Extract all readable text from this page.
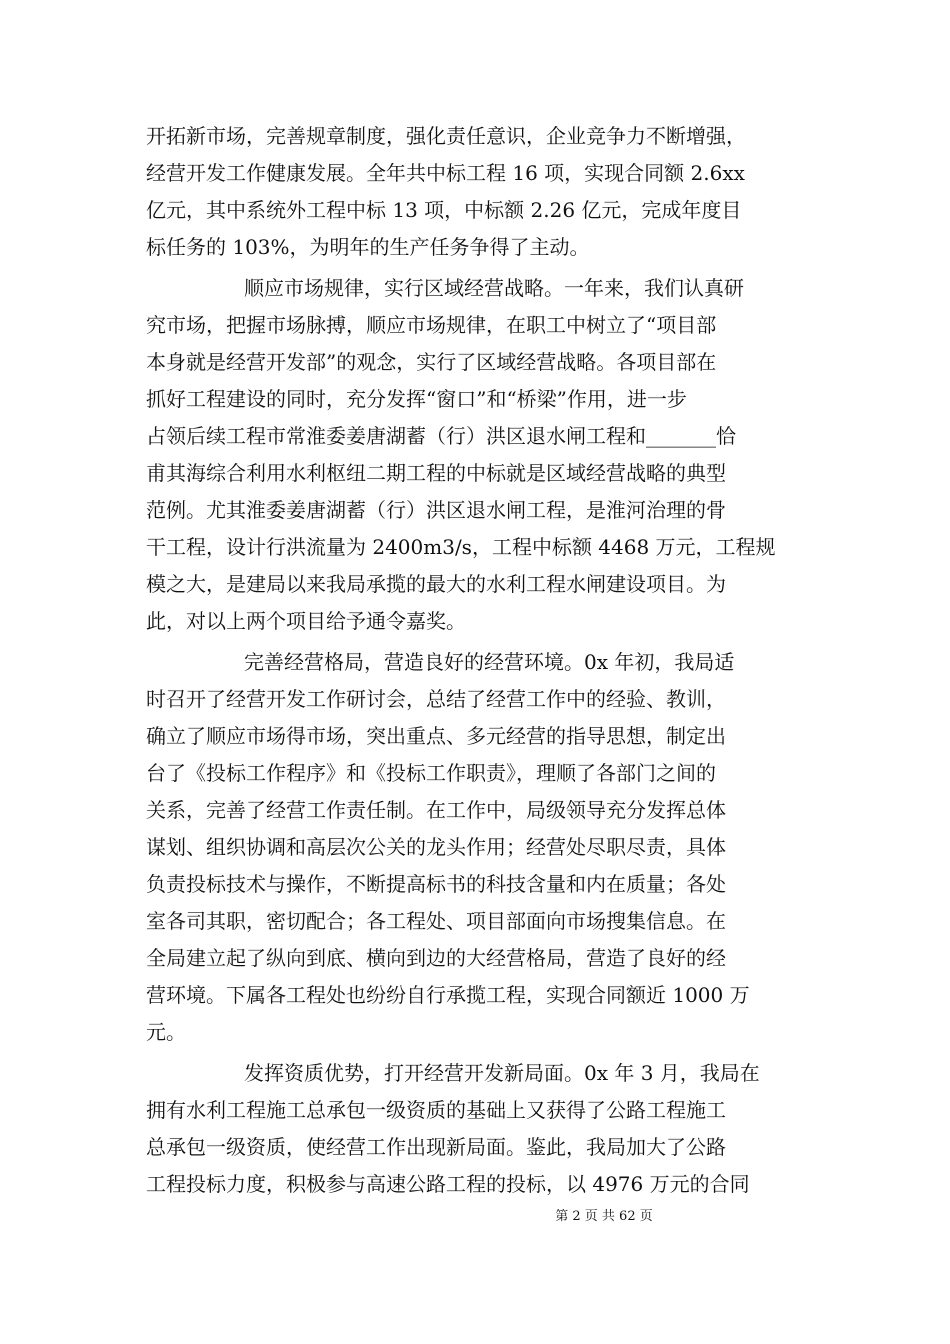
开拓新市场，完善规章制度，强化责任意识，企业竞争力不断增强，
经营开发工作健康发展。全年共中标工程 16 项，实现合同额 2.6xx
亿元，其中系统外工程中标 13 项，中标额 2.26 亿元，完成年度目
标任务的 103%，为明年的生产任务争得了主动。
顺应市场规律，实行区域经营战略。一年来，我们认真研
究市场，把握市场脉搏，顺应市场规律，在职工中树立了“项目部
本身就是经营开发部”的观念，实行了区域经营战略。各项目部在
抓好工程建设的同时，充分发挥“窗口”和“桥梁”作用，进一步
占领后续工程市常淮委姜唐湖蓄（行）洪区退水闸工程和_______恰
甫其海综合利用水利枢纽二期工程的中标就是区域经营战略的典型
范例。尤其淮委姜唐湖蓄（行）洪区退水闸工程，是淮河治理的骨
干工程，设计行洪流量为 2400m3/s，工程中标额 4468 万元，工程规
模之大，是建局以来我局承揽的最大的水利工程水闸建设项目。为
此，对以上两个项目给予通令嘉奖。
完善经营格局，营造良好的经营环境。0x 年初，我局适
时召开了经营开发工作研讨会，总结了经营工作中的经验、教训，
确立了顺应市场得市场，突出重点、多元经营的指导思想，制定出
台了《投标工作程序》和《投标工作职责》，理顺了各部门之间的
关系，完善了经营工作责任制。在工作中，局级领导充分发挥总体
谋划、组织协调和高层次公关的龙头作用；经营处尽职尽责，具体
负责投标技术与操作，不断提高标书的科技含量和内在质量；各处
室各司其职，密切配合；各工程处、项目部面向市场搜集信息。在
全局建立起了纵向到底、横向到边的大经营格局，营造了良好的经
营环境。下属各工程处也纷纷自行承揽工程，实现合同额近 1000 万
元。
发挥资质优势，打开经营开发新局面。0x 年 3 月，我局在
拥有水利工程施工总承包一级资质的基础上又获得了公路工程施工
总承包一级资质，使经营工作出现新局面。鉴此，我局加大了公路
工程投标力度，积极参与高速公路工程的投标，以 4976 万元的合同
第 2 页 共 62 页
